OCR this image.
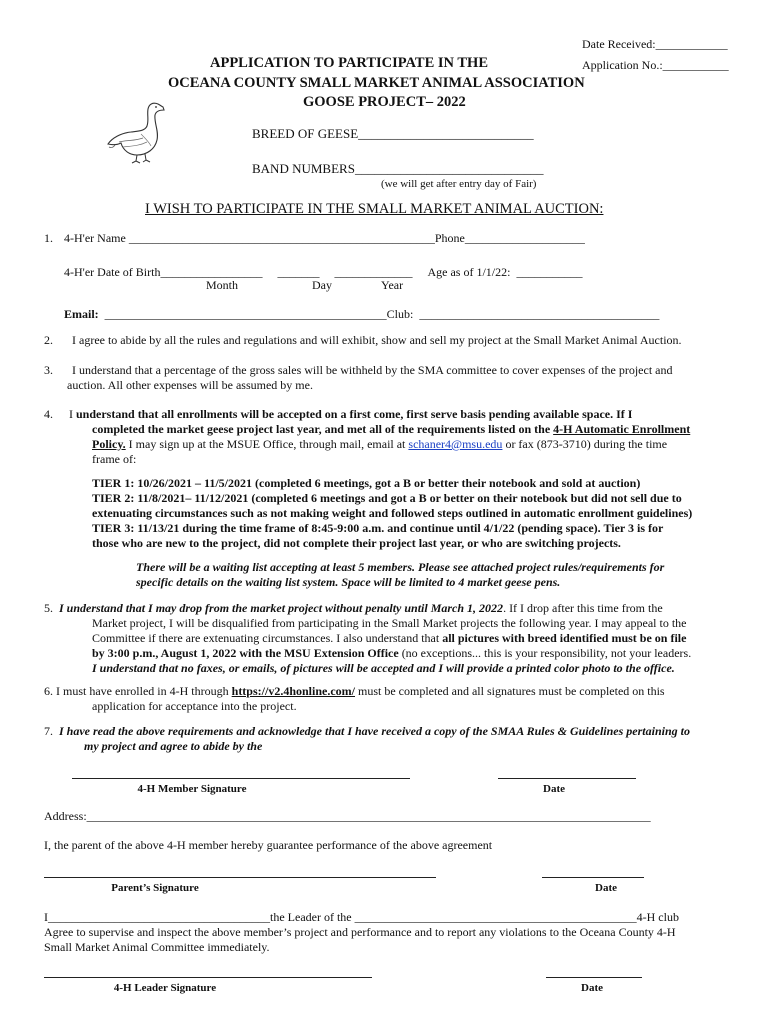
Date Received:____________
Application No.:___________
APPLICATION TO PARTICIPATE IN THE
OCEANA COUNTY SMALL MARKET ANIMAL ASSOCIATION
GOOSE PROJECT– 2022
BREED OF GEESE___________________________
BAND NUMBERS_____________________________
(we will get after entry day of Fair)
I WISH TO PARTICIPATE IN THE SMALL MARKET ANIMAL AUCTION:
1. 4-H'er Name ___________________________________________________Phone____________________
4-H'er Date of Birth_________________ _______ _____________ Age as of 1/1/22: ___________
Month	Day	Year
Email: _______________________________________________Club: ________________________________________
2. I agree to abide by all the rules and regulations and will exhibit, show and sell my project at the Small Market Animal Auction.
3. I understand that a percentage of the gross sales will be withheld by the SMA committee to cover expenses of the project and
auction. All other expenses will be assumed by me.
4. I understand that all enrollments will be accepted on a first come, first serve basis pending available space. If I
completed the market geese project last year, and met all of the requirements listed on the 4-H Automatic Enrollment
Policy. I may sign up at the MSUE Office, through mail, email at schaner4@msu.edu or fax (873-3710) during the time
frame of:
TIER 1: 10/26/2021 – 11/5/2021 (completed 6 meetings, got a B or better their notebook and sold at auction)
TIER 2: 11/8/2021– 11/12/2021 (completed 6 meetings and got a B or better on their notebook but did not sell due to
extenuating circumstances such as not making weight and followed steps outlined in automatic enrollment guidelines)
TIER 3: 11/13/21 during the time frame of 8:45-9:00 a.m. and continue until 4/1/22 (pending space). Tier 3 is for
those who are new to the project, did not complete their project last year, or who are switching projects.
There will be a waiting list accepting at least 5 members. Please see attached project rules/requirements for
specific details on the waiting list system. Space will be limited to 4 market geese pens.
5. I understand that I may drop from the market project without penalty until March 1, 2022. If I drop after this time from the
Market project, I will be disqualified from participating in the Small Market projects the following year. I may appeal to the
Committee if there are extenuating circumstances. I also understand that all pictures with breed identified must be on file
by 3:00 p.m., August 1, 2022 with the MSU Extension Office (no exceptions... this is your responsibility, not your leaders.
I understand that no faxes, or emails, of pictures will be accepted and I will provide a printed color photo to the office.
6. I must have enrolled in 4-H through https://v2.4honline.com/ must be completed and all signatures must be completed on this
application for acceptance into the project.
7. I have read the above requirements and acknowledge that I have received a copy of the SMAA Rules & Guidelines pertaining to
my project and agree to abide by the
4-H Member Signature	Date
Address:______________________________________________________________________________________________
I, the parent of the above 4-H member hereby guarantee performance of the above agreement
Parent’s Signature	Date
I_____________________________________the Leader of the _______________________________________________4-H club
Agree to supervise and inspect the above member’s project and performance and to report any violations to the Oceana County 4-H
Small Market Animal Committee immediately.
4-H Leader Signature	Date
